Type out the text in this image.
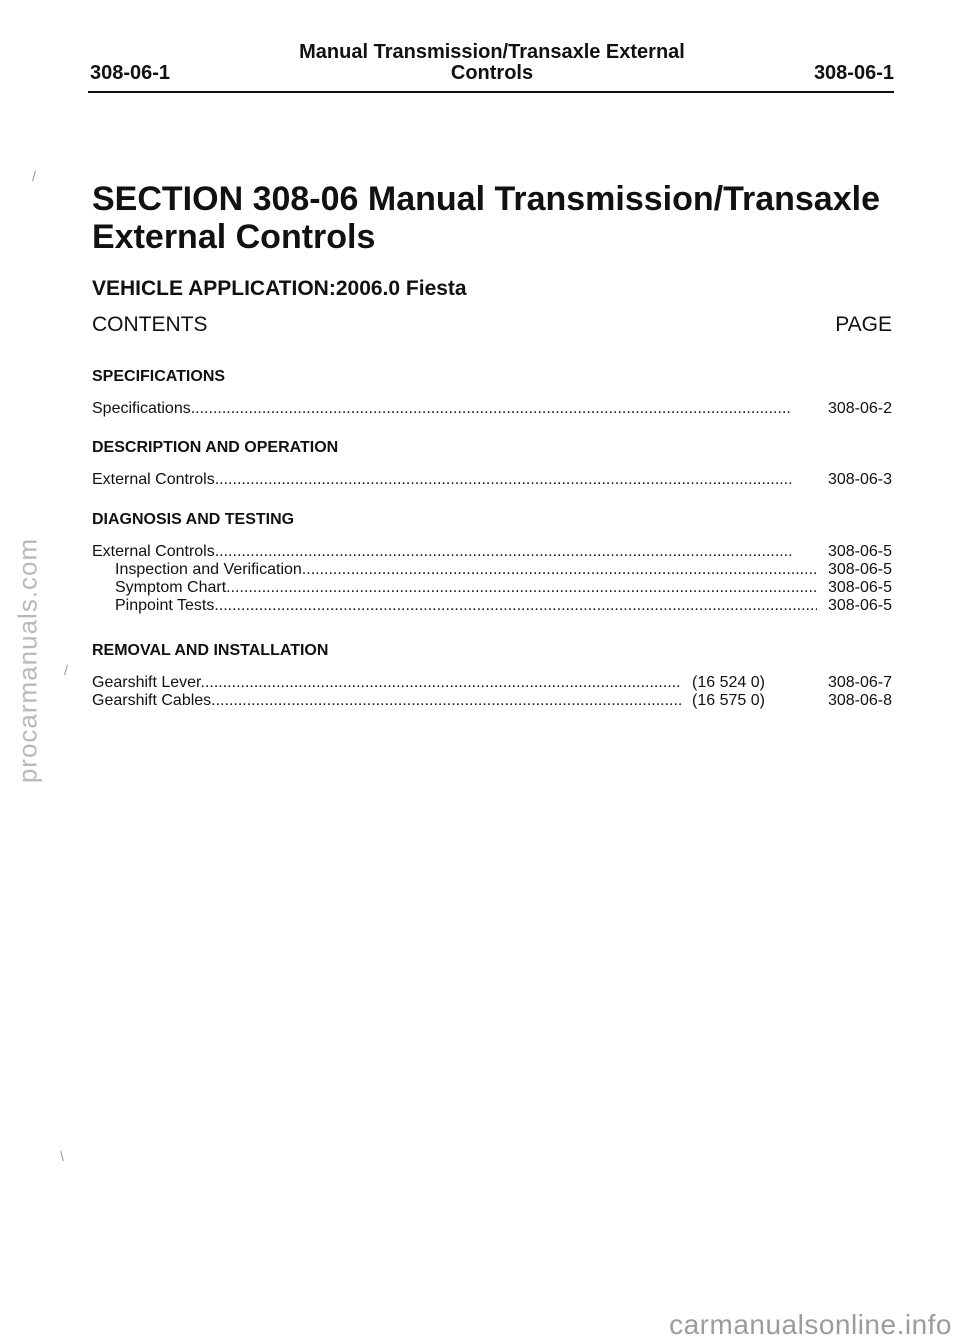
308-06-1
Manual Transmission/Transaxle External
Controls	308-06-1
SECTION 308-06 Manual Transmission/Transaxle
External Controls
VEHICLE APPLICATION:2006.0 Fiesta
CONTENTS	PAGE
SPECIFICATIONS
Specifications .....	308-06-2
DESCRIPTION AND OPERATION
External Controls .....	308-06-3
DIAGNOSIS AND TESTING
External Controls .....	308-06-5
Inspection and Verification .....	308-06-5
Symptom Chart .....	308-06-5
Pinpoint Tests .....	308-06-5
REMOVAL AND INSTALLATION
Gearshift Lever .....	(16 524 0)	308-06-7
Gearshift Cables .....	(16 575 0)	308-06-8
procarmanuals.com
carmanualsonline.info
/
/
\
